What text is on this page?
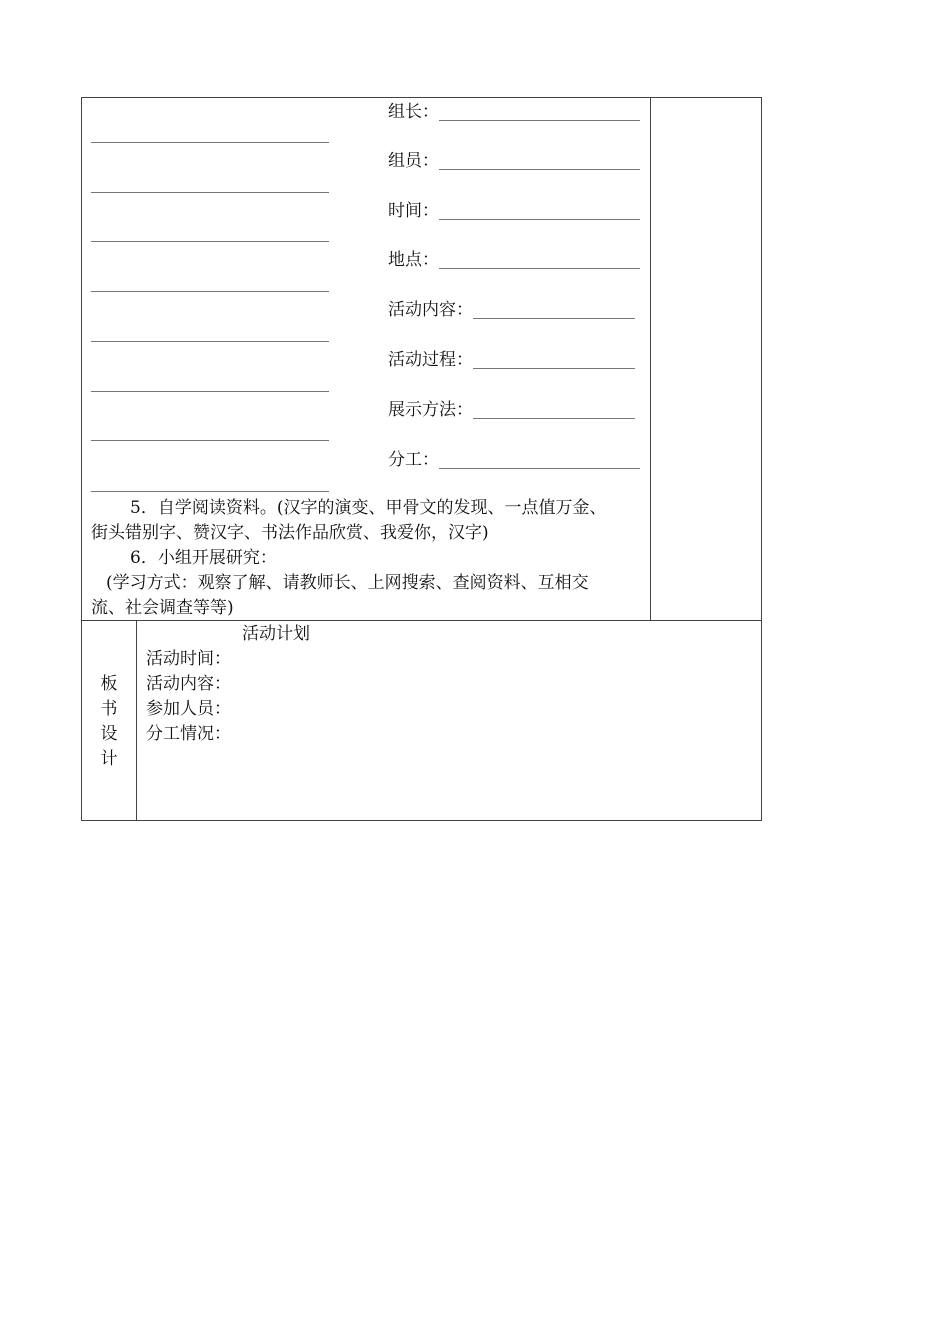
组长：
组员：
时间：
地点：
活动内容：
活动过程：
展示方法：
分工：
5．自学阅读资料。(汉字的演变、甲骨文的发现、一点值万金、
街头错别字、赞汉字、书法作品欣赏、我爱你，汉字)
6．小组开展研究：
(学习方式：观察了解、请教师长、上网搜索、查阅资料、互相交
流、社会调查等等)
板
书
设
计
活动计划
活动时间：
活动内容：
参加人员：
分工情况：
